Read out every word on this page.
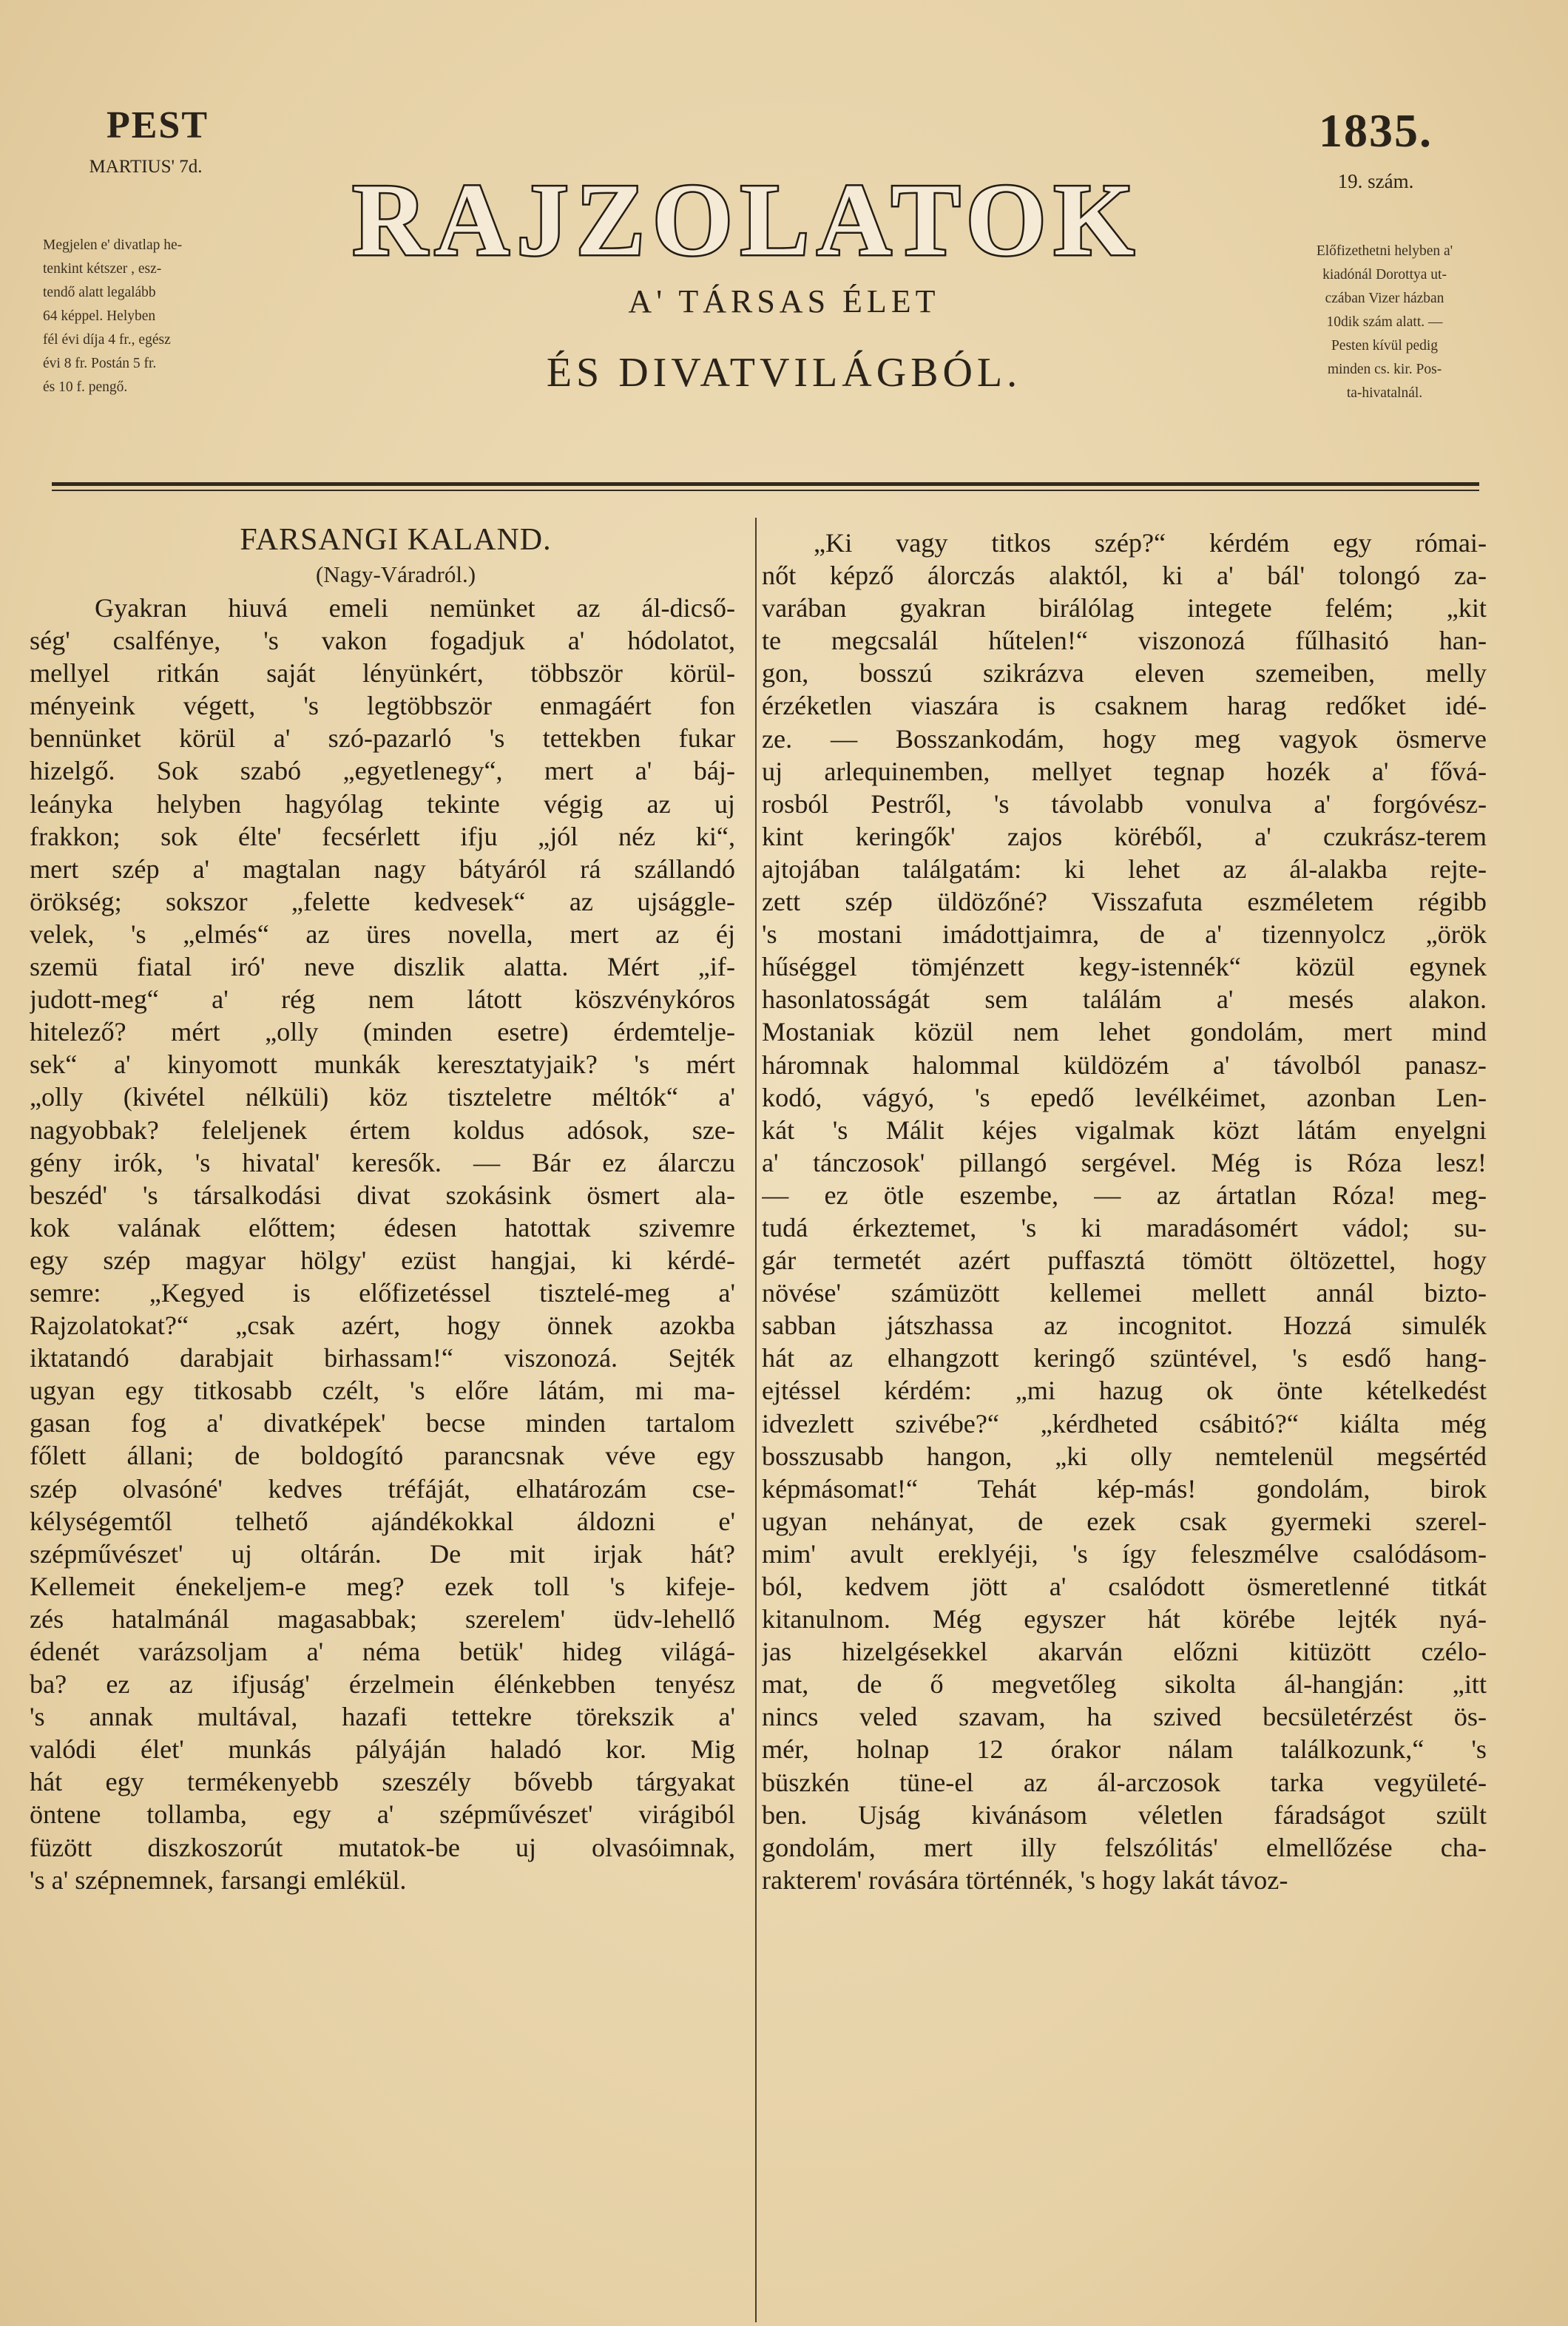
PEST
MARTIUS' 7d.
1835.
19. szám.
Megjelen e' divatlap he-
tenkint kétszer , esz-
tendő alatt legalább
64 képpel. Helyben
fél évi díja 4 fr., egész
évi 8 fr. Postán 5 fr.
és 10 f. pengő.
Előfizethetni helyben a'
kiadónál Dorottya ut-
czában Vizer házban
10dik szám alatt. —
Pesten kívül pedig
minden cs. kir. Pos-
ta-hivatalnál.
RAJZOLATOK
A' TÁRSAS ÉLET
ÉS DIVATVILÁGBÓL.
FARSANGI KALAND.
(Nagy-Váradról.)
Gyakran hiuvá emeli nemünket az ál-dicső-
ség' csalfénye, 's vakon fogadjuk a' hódolatot,
mellyel ritkán saját lényünkért, többször körül-
ményeink végett, 's legtöbbször enmagáért fon
bennünket körül a' szó-pazarló 's tettekben fukar
hizelgő. Sok szabó „egyetlenegy“, mert a' báj-
leányka helyben hagyólag tekinte végig az uj
frakkon; sok élte' fecsérlett ifju „jól néz ki“,
mert szép a' magtalan nagy bátyáról rá szállandó
örökség; sokszor „felette kedvesek“ az ujsággle-
velek, 's „elmés“ az üres novella, mert az éj
szemü fiatal iró' neve diszlik alatta. Mért „if-
judott-meg“ a' rég nem látott köszvénykóros
hitelező? mért „olly (minden esetre) érdemtelje-
sek“ a' kinyomott munkák keresztatyjaik? 's mért
„olly (kivétel nélküli) köz tiszteletre méltók“ a'
nagyobbak? feleljenek értem koldus adósok, sze-
gény irók, 's hivatal' keresők. — Bár ez álarczu
beszéd' 's társalkodási divat szokásink ösmert ala-
kok valának előttem; édesen hatottak szivemre
egy szép magyar hölgy' ezüst hangjai, ki kérdé-
semre: „Kegyed is előfizetéssel tisztelé-meg a'
Rajzolatokat?“ „csak azért, hogy önnek azokba
iktatandó darabjait birhassam!“ viszonozá. Sejték
ugyan egy titkosabb czélt, 's előre látám, mi ma-
gasan fog a' divatképek' becse minden tartalom
főlett állani; de boldogító parancsnak véve egy
szép olvasóné' kedves tréfáját, elhatározám cse-
kélységemtől telhető ajándékokkal áldozni e'
szépművészet' uj oltárán. De mit irjak hát?
Kellemeit énekeljem-e meg? ezek toll 's kifeje-
zés hatalmánál magasabbak; szerelem' üdv-lehellő
édenét varázsoljam a' néma betük' hideg világá-
ba? ez az ifjuság' érzelmein élénkebben tenyész
's annak multával, hazafi tettekre törekszik a'
valódi élet' munkás pályáján haladó kor. Mig
hát egy termékenyebb szeszély bővebb tárgyakat
öntene tollamba, egy a' szépművészet' virágiból
füzött diszkoszorút mutatok-be uj olvasóimnak,
's a' szépnemnek, farsangi emlékül.
„Ki vagy titkos szép?“ kérdém egy római-
nőt képző álorczás alaktól, ki a' bál' tolongó za-
varában gyakran birálólag integete felém; „kit
te megcsalál hűtelen!“ viszonozá fűlhasitó han-
gon, bosszú szikrázva eleven szemeiben, melly
érzéketlen viaszára is csaknem harag redőket idé-
ze. — Bosszankodám, hogy meg vagyok ösmerve
uj arlequinemben, mellyet tegnap hozék a' fővá-
rosból Pestről, 's távolabb vonulva a' forgóvész-
kint keringők' zajos köréből, a' czukrász-terem
ajtojában találgatám: ki lehet az ál-alakba rejte-
zett szép üldözőné? Visszafuta eszméletem régibb
's mostani imádottjaimra, de a' tizennyolcz „örök
hűséggel tömjénzett kegy-istennék“ közül egynek
hasonlatosságát sem találám a' mesés alakon.
Mostaniak közül nem lehet gondolám, mert mind
háromnak halommal küldözém a' távolból panasz-
kodó, vágyó, 's epedő levélkéimet, azonban Len-
kát 's Málit kéjes vigalmak közt látám enyelgni
a' tánczosok' pillangó sergével. Még is Róza lesz!
— ez ötle eszembe, — az ártatlan Róza! meg-
tudá érkeztemet, 's ki maradásomért vádol; su-
gár termetét azért puffasztá tömött öltözettel, hogy
növése' számüzött kellemei mellett annál bizto-
sabban játszhassa az incognitot. Hozzá simulék
hát az elhangzott keringő szüntével, 's esdő hang-
ejtéssel kérdém: „mi hazug ok önte kételkedést
idvezlett szivébe?“ „kérdheted csábitó?“ kiálta még
bosszusabb hangon, „ki olly nemtelenül megsértéd
képmásomat!“ Tehát kép-más! gondolám, birok
ugyan nehányat, de ezek csak gyermeki szerel-
mim' avult ereklyéji, 's így feleszmélve csalódásom-
ból, kedvem jött a' csalódott ösmeretlenné titkát
kitanulnom. Még egyszer hát körébe lejték nyá-
jas hizelgésekkel akarván előzni kitüzött czélo-
mat, de ő megvetőleg sikolta ál-hangján: „itt
nincs veled szavam, ha szived becsületérzést ös-
mér, holnap 12 órakor nálam találkozunk,“ 's
büszkén tüne-el az ál-arczosok tarka vegyületé-
ben. Ujság kivánásom véletlen fáradságot szült
gondolám, mert illy felszólitás' elmellőzése cha-
rakterem' rovására történnék, 's hogy lakát távoz-
